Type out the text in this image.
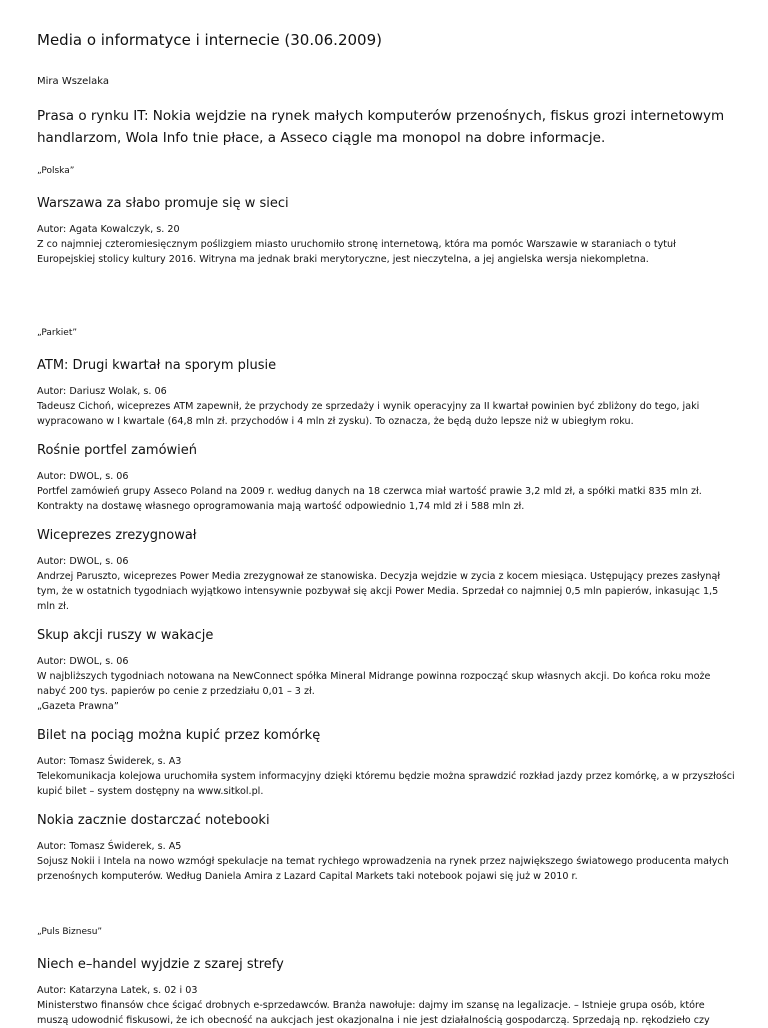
Media o informatyce i internecie (30.06.2009)
Mira Wszelaka
Prasa o rynku IT: Nokia wejdzie na rynek małych komputerów przenośnych, fiskus grozi internetowym handlarzom, Wola Info tnie płace, a Asseco ciągle ma monopol na dobre informacje.
„Polska”
Warszawa za słabo promuje się w sieci
Autor: Agata Kowalczyk, s. 20
Z co najmniej czteromiesięcznym poślizgiem miasto uruchomiło stronę internetową, która ma pomóc Warszawie w staraniach o tytuł Europejskiej stolicy kultury 2016. Witryna ma jednak braki merytoryczne, jest nieczytelna, a jej angielska wersja niekompletna.
„Parkiet”
ATM: Drugi kwartał na sporym plusie
Autor: Dariusz Wolak, s. 06
Tadeusz Cichoń, wiceprezes ATM zapewnił, że przychody ze sprzedaży i wynik operacyjny za II kwartał powinien być zbliżony do tego, jaki wypracowano w I kwartale (64,8 mln zł. przychodów i 4 mln zł zysku). To oznacza, że będą dużo lepsze niż w ubiegłym roku.
Rośnie portfel zamówień
Autor: DWOL, s. 06
Portfel zamówień grupy Asseco Poland na 2009 r. według danych na 18 czerwca miał wartość prawie 3,2 mld zł, a spółki matki 835 mln zł. Kontrakty na dostawę własnego oprogramowania mają wartość odpowiednio 1,74 mld zł i 588 mln zł.
Wiceprezes zrezygnował
Autor: DWOL, s. 06
Andrzej Paruszto, wiceprezes Power Media zrezygnował ze stanowiska. Decyzja wejdzie w zycia z kocem miesiąca. Ustępujący prezes zasłynął tym, że w ostatnich tygodniach wyjątkowo intensywnie pozbywał się akcji Power Media. Sprzedał co najmniej 0,5 mln papierów, inkasując 1,5 mln zł.
Skup akcji ruszy w wakacje
Autor: DWOL, s. 06
W najbliższych tygodniach notowana na NewConnect spółka Mineral Midrange powinna rozpocząć skup własnych akcji. Do końca roku może nabyć 200 tys. papierów po cenie z przedziału 0,01 – 3 zł.
„Gazeta Prawna”
Bilet na pociąg można kupić przez komórkę
Autor: Tomasz Świderek, s. A3
Telekomunikacja kolejowa uruchomiła system informacyjny dzięki któremu będzie można sprawdzić rozkład jazdy przez komórkę, a w przyszłości kupić bilet – system dostępny na www.sitkol.pl.
Nokia zacznie dostarczać notebooki
Autor: Tomasz Świderek, s. A5
Sojusz Nokii i Intela na nowo wzmógł spekulacje na temat rychłego wprowadzenia na rynek przez największego światowego producenta małych przenośnych komputerów. Według Daniela Amira z Lazard Capital Markets taki notebook pojawi się już w 2010 r.
„Puls Biznesu”
Niech e–handel wyjdzie z szarej strefy
Autor: Katarzyna Latek, s. 02 i 03
Ministerstwo finansów chce ścigać drobnych e-sprzedawców. Branża nawołuje: dajmy im szansę na legalizacje. – Istnieje grupa osób, które muszą udowodnić fiskusowi, że ich obecność na aukcjach jest okazjonalna i nie jest działalnością gospodarczą. Sprzedają np. rękodzieło czy
